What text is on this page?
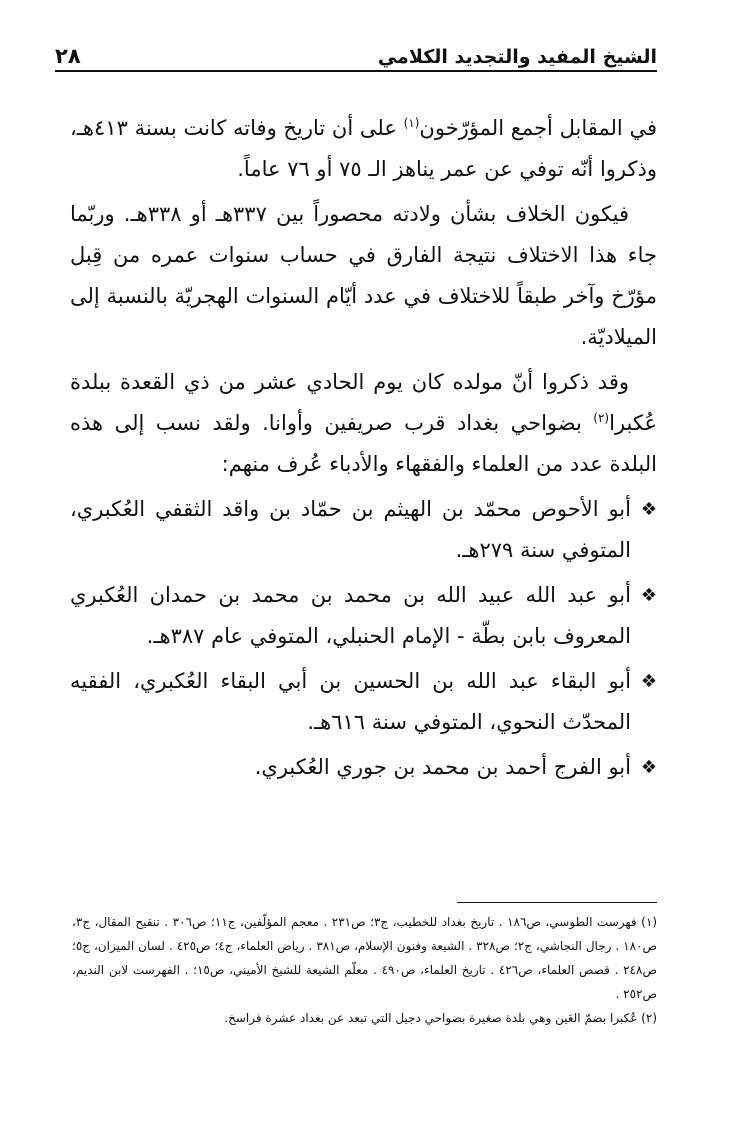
الشيخ المفيد والتجديد الكلامي
٢٨

في المقابل أجمع المؤرّخون$^{(١)}$ على أن تاريخ وفاته كانت بسنة ٤١٣هـ، وذكروا أنّه توفي عن عمر يناهز الـ ٧٥ أو ٧٦ عاماً.

فيكون الخلاف بشأن ولادته محصوراً بين ٣٣٧هـ أو ٣٣٨هـ. وربّما جاء هذا الاختلاف نتيجة الفارق في حساب سنوات عمره من قِبل مؤرّخ وآخر طبقاً للاختلاف في عدد أيّام السنوات الهجريّة بالنسبة إلى الميلاديّة.

وقد ذكروا أنّ مولده كان يوم الحادي عشر من ذي القعدة ببلدة عُكبرا$^{(٢)}$ بضواحي بغداد قرب صريفين وأوانا. ولقد نسب إلى هذه البلدة عدد من العلماء والفقهاء والأدباء عُرف منهم:

❖
أبو الأحوص محمّد بن الهيثم بن حمّاد بن واقد الثقفي العُكبري، المتوفي سنة ٢٧٩هـ.
❖
أبو عبد الله عبيد الله بن محمد بن محمد بن حمدان العُكبري المعروف بابن بطّة - الإمام الحنبلي، المتوفي عام ٣٨٧هـ.
❖
أبو البقاء عبد الله بن الحسين بن أبي البقاء العُكبري، الفقيه المحدّث النحوي، المتوفي سنة ٦١٦هـ.
❖
أبو الفرج أحمد بن محمد بن جوري العُكبري.

(١) فهرست الطوسي، ص١٨٦ . تاريخ بغداد للخطيب، ج٣؛ ص٢٣١ . معجم المؤلّفين، ج١١؛ ص٣٠٦ . تنقيح المقال، ج٣، ص١٨٠ . رجال النجاشي، ج٢؛ ص٣٢٨ . الشيعة وفنون الإسلام، ص٣٨١ . رياض العلماء، ج٤؛ ص٤٢٥ . لسان الميزان، ج٥؛ ص٢٤٨ . قصص العلماء، ص٤٢٦ . تاريخ العلماء، ص٤٩٠ . معلّم الشيعة للشيخ الأميني، ص١٥؛ . الفهرست لابن النديم، ص٢٥٢ .

(٢) عُكبرا بضمّ العَين وهي بلدة صغيرة بضواحي دجيل التي تبعد عن بغداد عشرة فراسخ.
